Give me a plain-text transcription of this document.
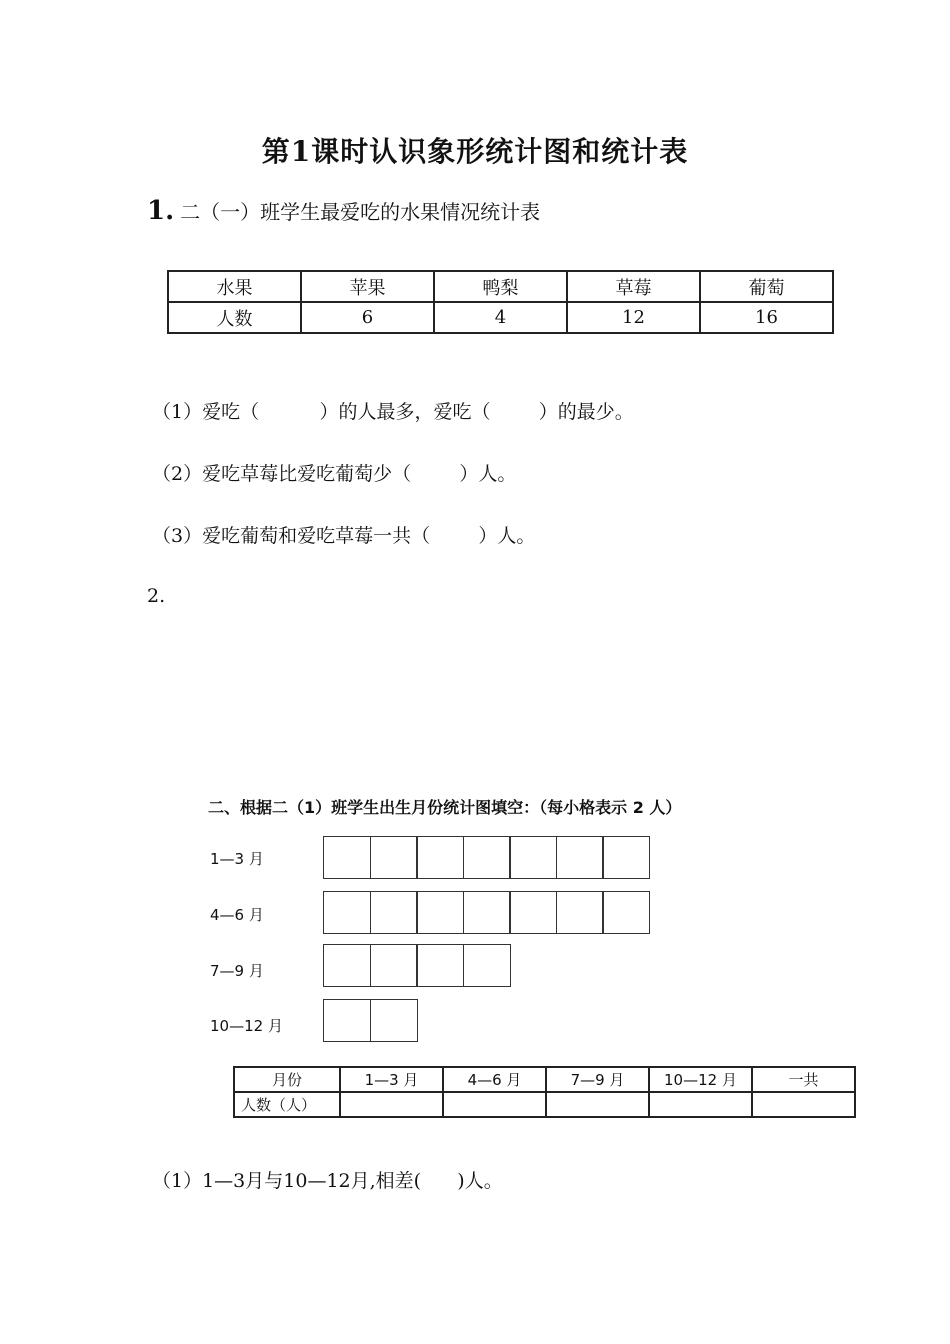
第1课时认识象形统计图和统计表
1. 二（一）班学生最爱吃的水果情况统计表
水果	苹果	鸭梨	草莓	葡萄
人数	6	4	12	16
（1）爱吃（          ）的人最多，爱吃（        ）的最少。
（2）爱吃草莓比爱吃葡萄少（        ）人。
（3）爱吃葡萄和爱吃草莓一共（        ）人。
2.
二、根据二（1）班学生出生月份统计图填空：（每小格表示 2 人）
1—3 月
4—6 月
7—9 月
10—12 月
月份	1—3 月	4—6 月	7—9 月	10—12 月	一共
人数（人）					
（1）1—3月与10—12月,相差(      )人。
